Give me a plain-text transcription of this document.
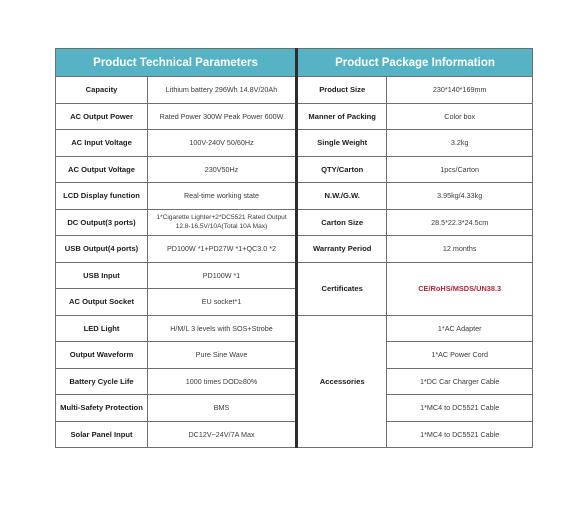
Product Technical Parameters	
Capacity	Lithium battery 296Wh 14.8V/20Ah
AC Output Power	Rated Power 300W Peak Power 600W
AC Input Voltage	100V-240V 50/60Hz
AC Output Voltage	230V50Hz
LCD Display function	Real-time working state
DC Output(3 ports)	1*Cigarette Lighter+2*DC5521 Rated Output 12.8-16.5V/10A(Total 10A Max)
USB Output(4 ports)	PD100W *1+PD27W *1+QC3.0 *2
USB Input	PD100W *1
AC Output Socket	EU socket*1
LED Light	H/M/L 3 levels with SOS+Strobe
Output Waveform	Pure Sine Wave
Battery Cycle Life	1000 times DOD≥80%
Multi-Safety Protection	BMS
Solar Panel Input	DC12V~24V/7A Max
Product Package Information	
Product Size	230*140*169mm
Manner of Packing	Color box
Single Weight	3.2kg
QTY/Carton	1pcs/Carton
N.W./G.W.	3.95kg/4.33kg
Carton Size	28.5*22.3*24.5cm
Warranty Period	12 months
Certificates	CE/RoHS/MSDS/UN38.3

Accessories	1*AC Adapter
	1*AC Power Cord
	1*DC Car Charger Cable
	1*MC4 to DC5521 Cable
	1*MC4 to DC5521 Cable
